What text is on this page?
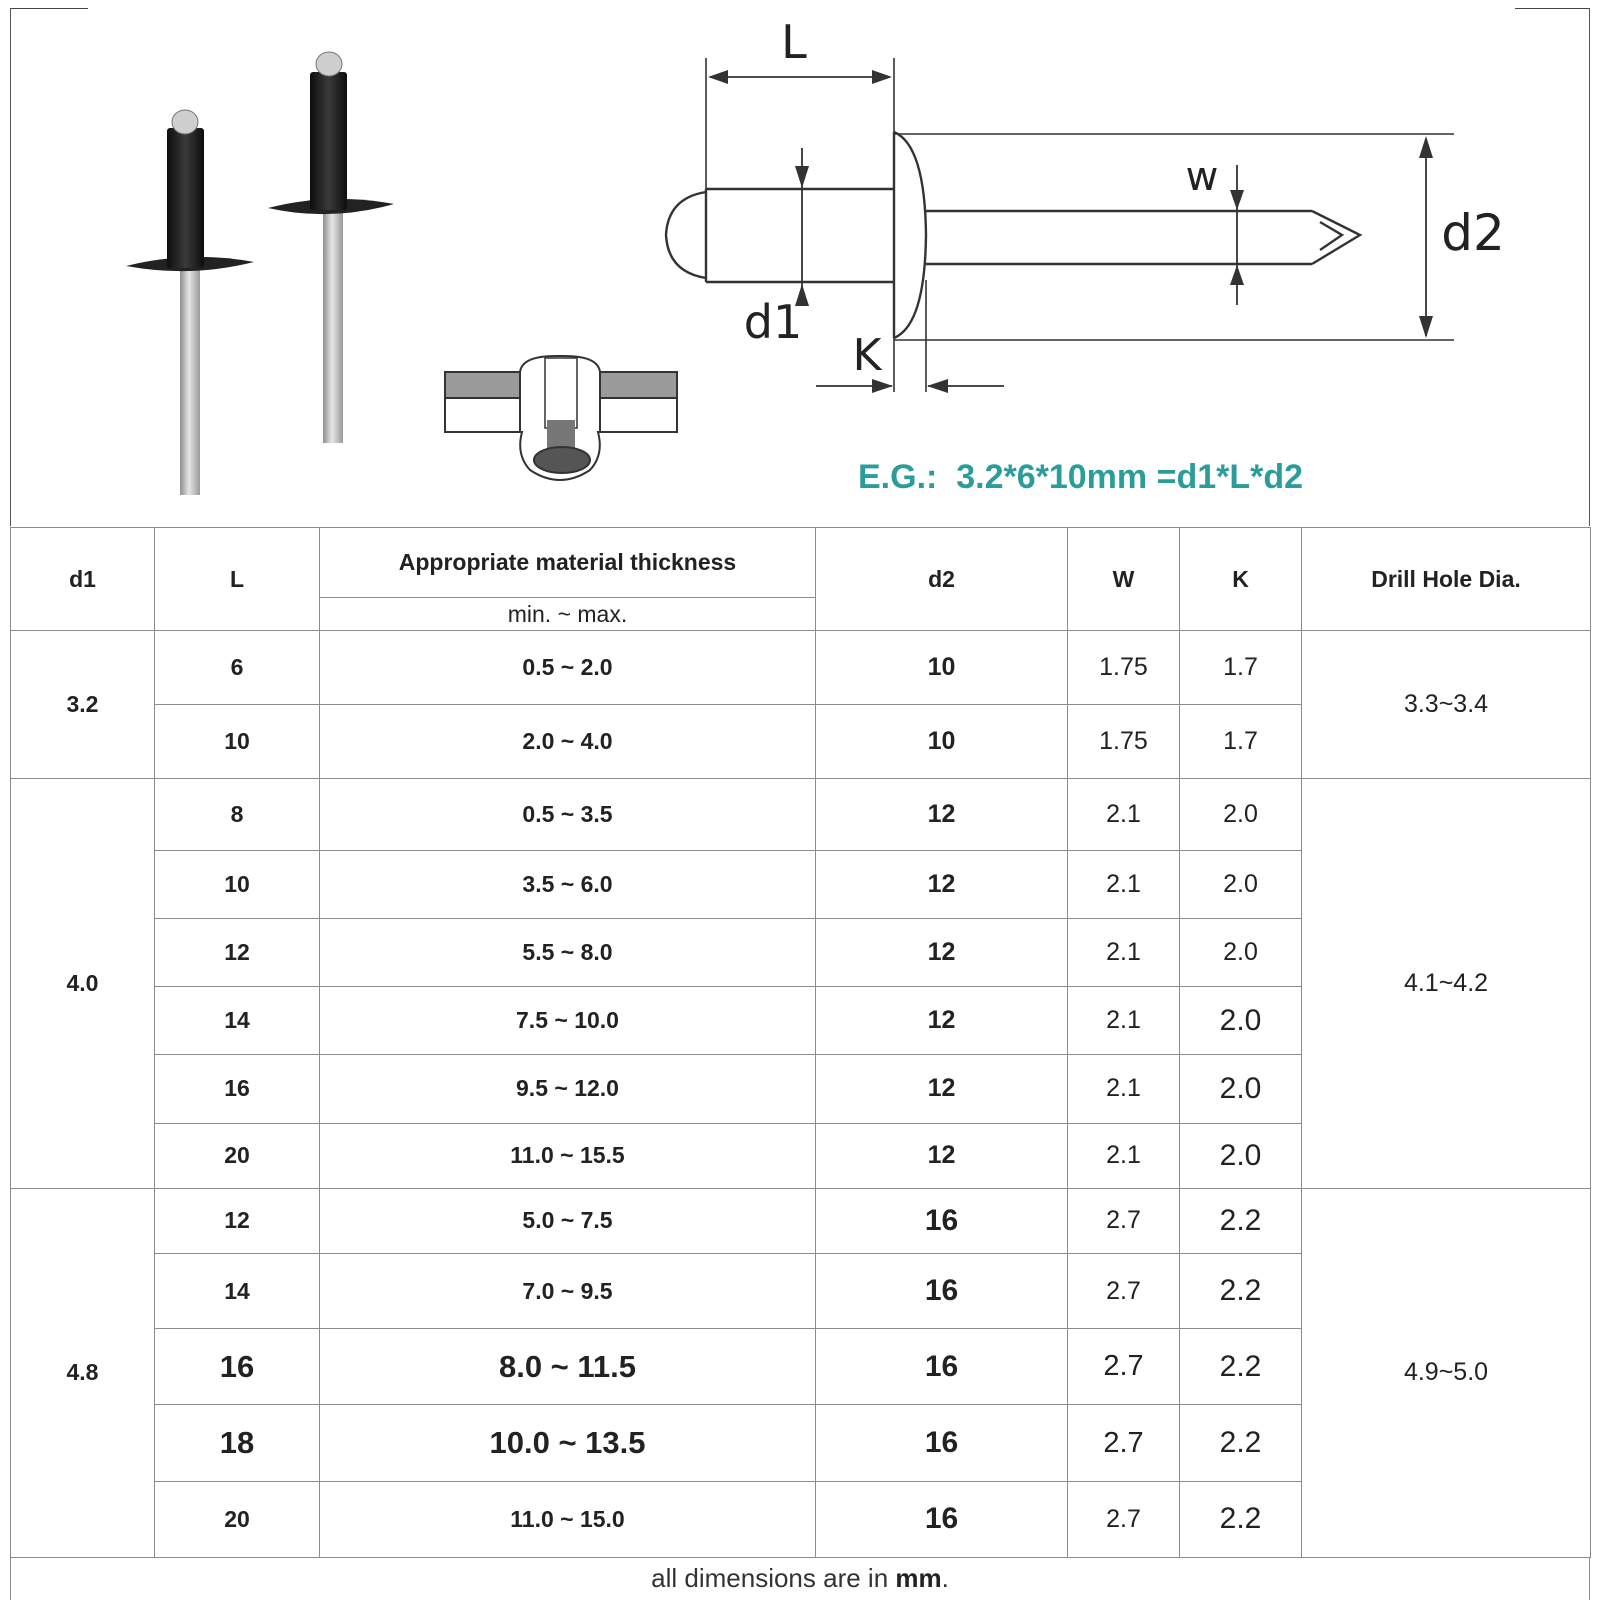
L
w
d2
d1
K
E.G.:  3.2*6*10mm =d1*L*d2
d1	L	Appropriate material thickness	d2	W	K	Drill Hole Dia.
		min. ~ max.				
3.2	6	0.5 ~ 2.0	10	1.75	1.7	3.3~3.4
	10	2.0 ~ 4.0	10	1.75	1.7	
4.0	8	0.5 ~ 3.5	12	2.1	2.0	4.1~4.2
	10	3.5 ~ 6.0	12	2.1	2.0	
	12	5.5 ~ 8.0	12	2.1	2.0	
	14	7.5 ~ 10.0	12	2.1	2.0	
	16	9.5 ~ 12.0	12	2.1	2.0	
	20	11.0 ~ 15.5	12	2.1	2.0	
4.8	12	5.0 ~ 7.5	16	2.7	2.2	4.9~5.0
	14	7.0 ~ 9.5	16	2.7	2.2	
	16	8.0 ~ 11.5	16	2.7	2.2	
	18	10.0 ~ 13.5	16	2.7	2.2	
	20	11.0 ~ 15.0	16	2.7	2.2	
all dimensions are in mm.
